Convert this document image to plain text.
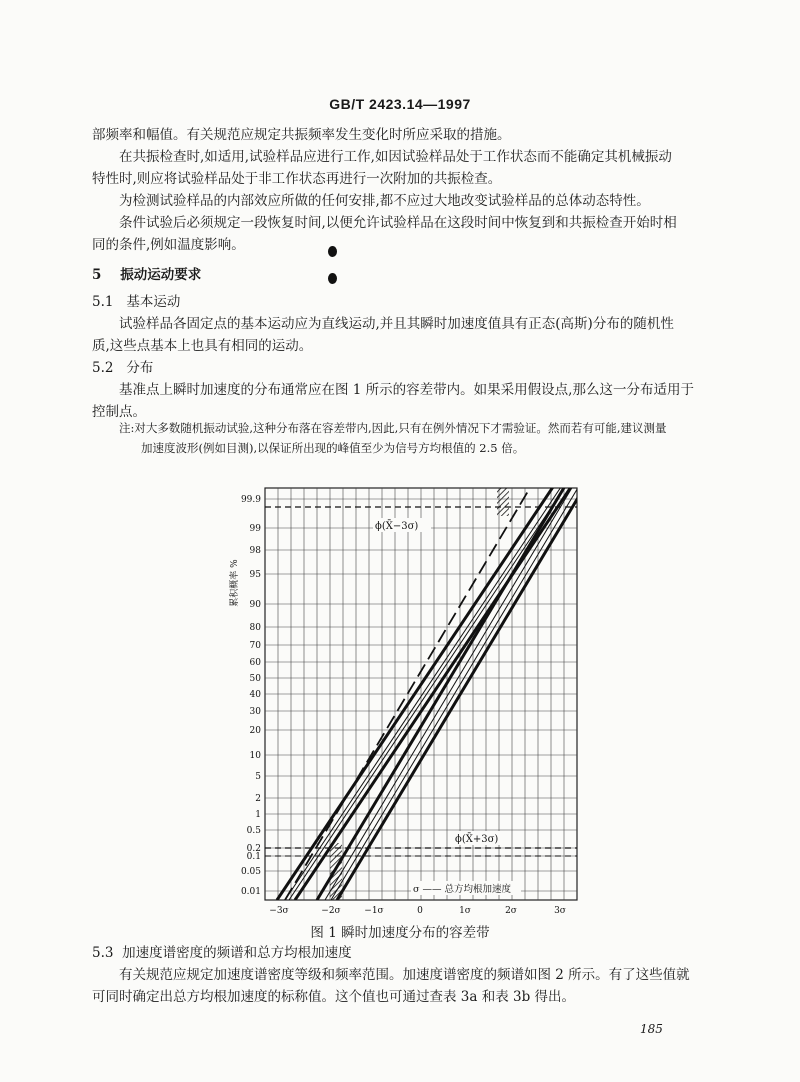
GB/T 2423.14—1997
部频率和幅值。有关规范应规定共振频率发生变化时所应采取的措施。
在共振检查时,如适用,试验样品应进行工作,如因试验样品处于工作状态而不能确定其机械振动
特性时,则应将试验样品处于非工作状态再进行一次附加的共振检查。
为检测试验样品的内部效应所做的任何安排,都不应过大地改变试验样品的总体动态特性。
条件试验后必须规定一段恢复时间,以便允许试验样品在这段时间中恢复到和共振检查开始时相
同的条件,例如温度影响。
5 振动运动要求
5.1 基本运动
试验样品各固定点的基本运动应为直线运动,并且其瞬时加速度值具有正态(高斯)分布的随机性
质,这些点基本上也具有相同的运动。
5.2 分布
基准点上瞬时加速度的分布通常应在图 1 所示的容差带内。如果采用假设点,那么这一分布适用于
控制点。
注:对大多数随机振动试验,这种分布落在容差带内,因此,只有在例外情况下才需验证。然而若有可能,建议测量
加速度波形(例如目测),以保证所出现的峰值至少为信号方均根值的 2.5 倍。
累积概率 %
99.9
99
98
95
90
80
70
60
50
40
30
20
10
5
2
1
0.5
0.2
0.1
0.05
0.01
−3σ	−2σ	−1σ	0	1σ	2σ	3σ
ϕ(X̄−3σ)
ϕ(X̄+3σ)
σ —— 总方均根加速度
图 1 瞬时加速度分布的容差带
5.3 加速度谱密度的频谱和总方均根加速度
有关规范应规定加速度谱密度等级和频率范围。加速度谱密度的频谱如图 2 所示。有了这些值就
可同时确定出总方均根加速度的标称值。这个值也可通过查表 3a 和表 3b 得出。
185
